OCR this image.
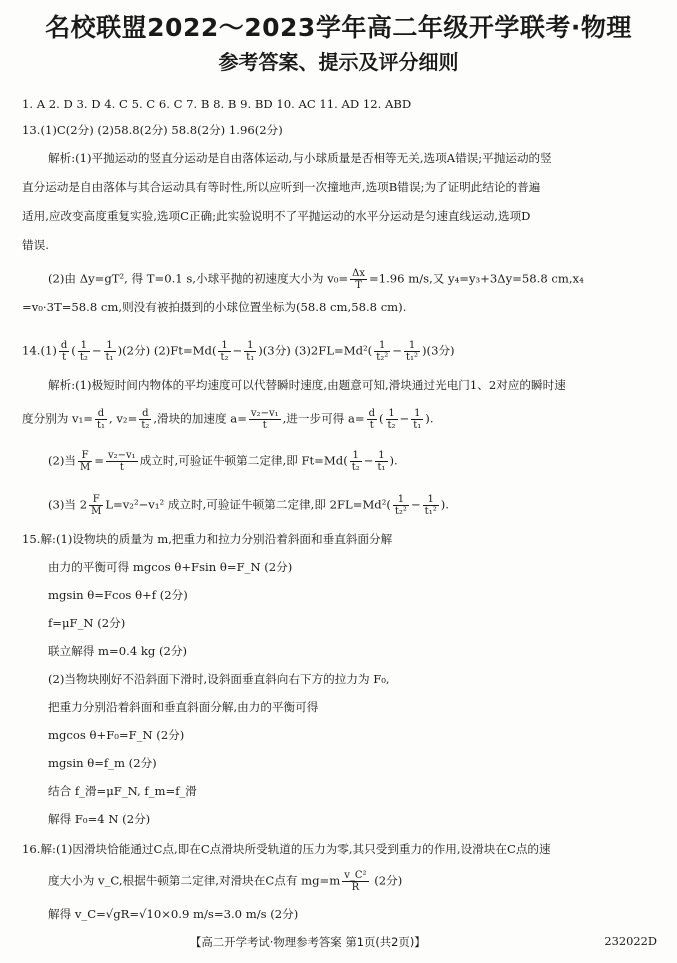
名校联盟2022～2023学年高二年级开学联考·物理
参考答案、提示及评分细则
1. A 2. D 3. D 4. C 5. C 6. C 7. B 8. B 9. BD 10. AC 11. AD 12. ABD
13.(1)C(2分) (2)58.8(2分) 58.8(2分) 1.96(2分)
解析:(1)平抛运动的竖直分运动是自由落体运动,与小球质量是否相等无关,选项A错误;平抛运动的竖
直分运动是自由落体与其合运动具有等时性,所以应听到一次撞地声,选项B错误;为了证明此结论的普遍
适用,应改变高度重复实验,选项C正确;此实验说明不了平抛运动的水平分运动是匀速直线运动,选项D
错误.
(2)由 Δy=gT², 得 T=0.1 s,小球平抛的初速度大小为 $v_0= \frac{\Delta x}{T} =1.96$ m/s,又 y₄=y₃+3Δy=58.8 cm,x₄
=v₀·3T=58.8 cm,则没有被拍摄到的小球位置坐标为(58.8 cm,58.8 cm).
$14.(1) \frac{d}{t}$ ( $\frac{1}{\text{t₂}} - \frac{1}{\text{t₁}} )(2$分) $(2)Ft=Md( \frac{1}{\text{t₂}} - \frac{1}{\text{t₁}} )(3$分) $(3)2FL=Md^2( \frac{1}{\text{t₂²}} - \frac{1}{\text{t₁²}} )(3$分)
解析:(1)极短时间内物体的平均速度可以代替瞬时速度,由题意可知,滑块通过光电门1、2对应的瞬时速
度分别为 $v_1= \frac{d}{\text{t₁}}$ , $v_2= \frac{d}{\text{t₂}}$ ,滑块的加速度 $a= \frac{\text{v₂−v₁}}{t}$ ,进一步可得 $a= \frac{d}{t}$ ( $\frac{1}{\text{t₂}} - \frac{1}{\text{t₁}}$ ).
(2)当 $\frac{F}{M} = \frac{\text{v₂−v₁}}{t}$ 成立时,可验证牛顿第二定律,即 $Ft=Md( \frac{1}{\text{t₂}} - \frac{1}{\text{t₁}}$ ).
(3)当 $2 \frac{F}{M} L=v_2^2-v_1^2$ 成立时,可验证牛顿第二定律,即 $2FL=Md^2( \frac{1}{\text{t₂²}} - \frac{1}{\text{t₁²}}$ ).
15.解:(1)设物块的质量为 m,把重力和拉力分别沿着斜面和垂直斜面分解
由力的平衡可得 mgcos θ+Fsin θ=F_N (2分)
mgsin θ=Fcos θ+f (2分)
f=μF_N (2分)
联立解得 m=0.4 kg (2分)
(2)当物块刚好不沿斜面下滑时,设斜面垂直斜向右下方的拉力为 F₀,
把重力分别沿着斜面和垂直斜面分解,由力的平衡可得
mgcos θ+F₀=F_N (2分)
mgsin θ=f_m (2分)
结合 f_滑=μF_N, f_m=f_滑
解得 F₀=4 N (2分)
16.解:(1)因滑块恰能通过C点,即在C点滑块所受轨道的压力为零,其只受到重力的作用,设滑块在C点的速
度大小为 v_C,根据牛顿第二定律,对滑块在C点有 $mg=m \frac{\text{v\_C²}}{R} (2$分)
解得 v_C=√gR=√10×0.9 m/s=3.0 m/s (2分)
【高二开学考试·物理参考答案 第1页(共2页)】	232022D
